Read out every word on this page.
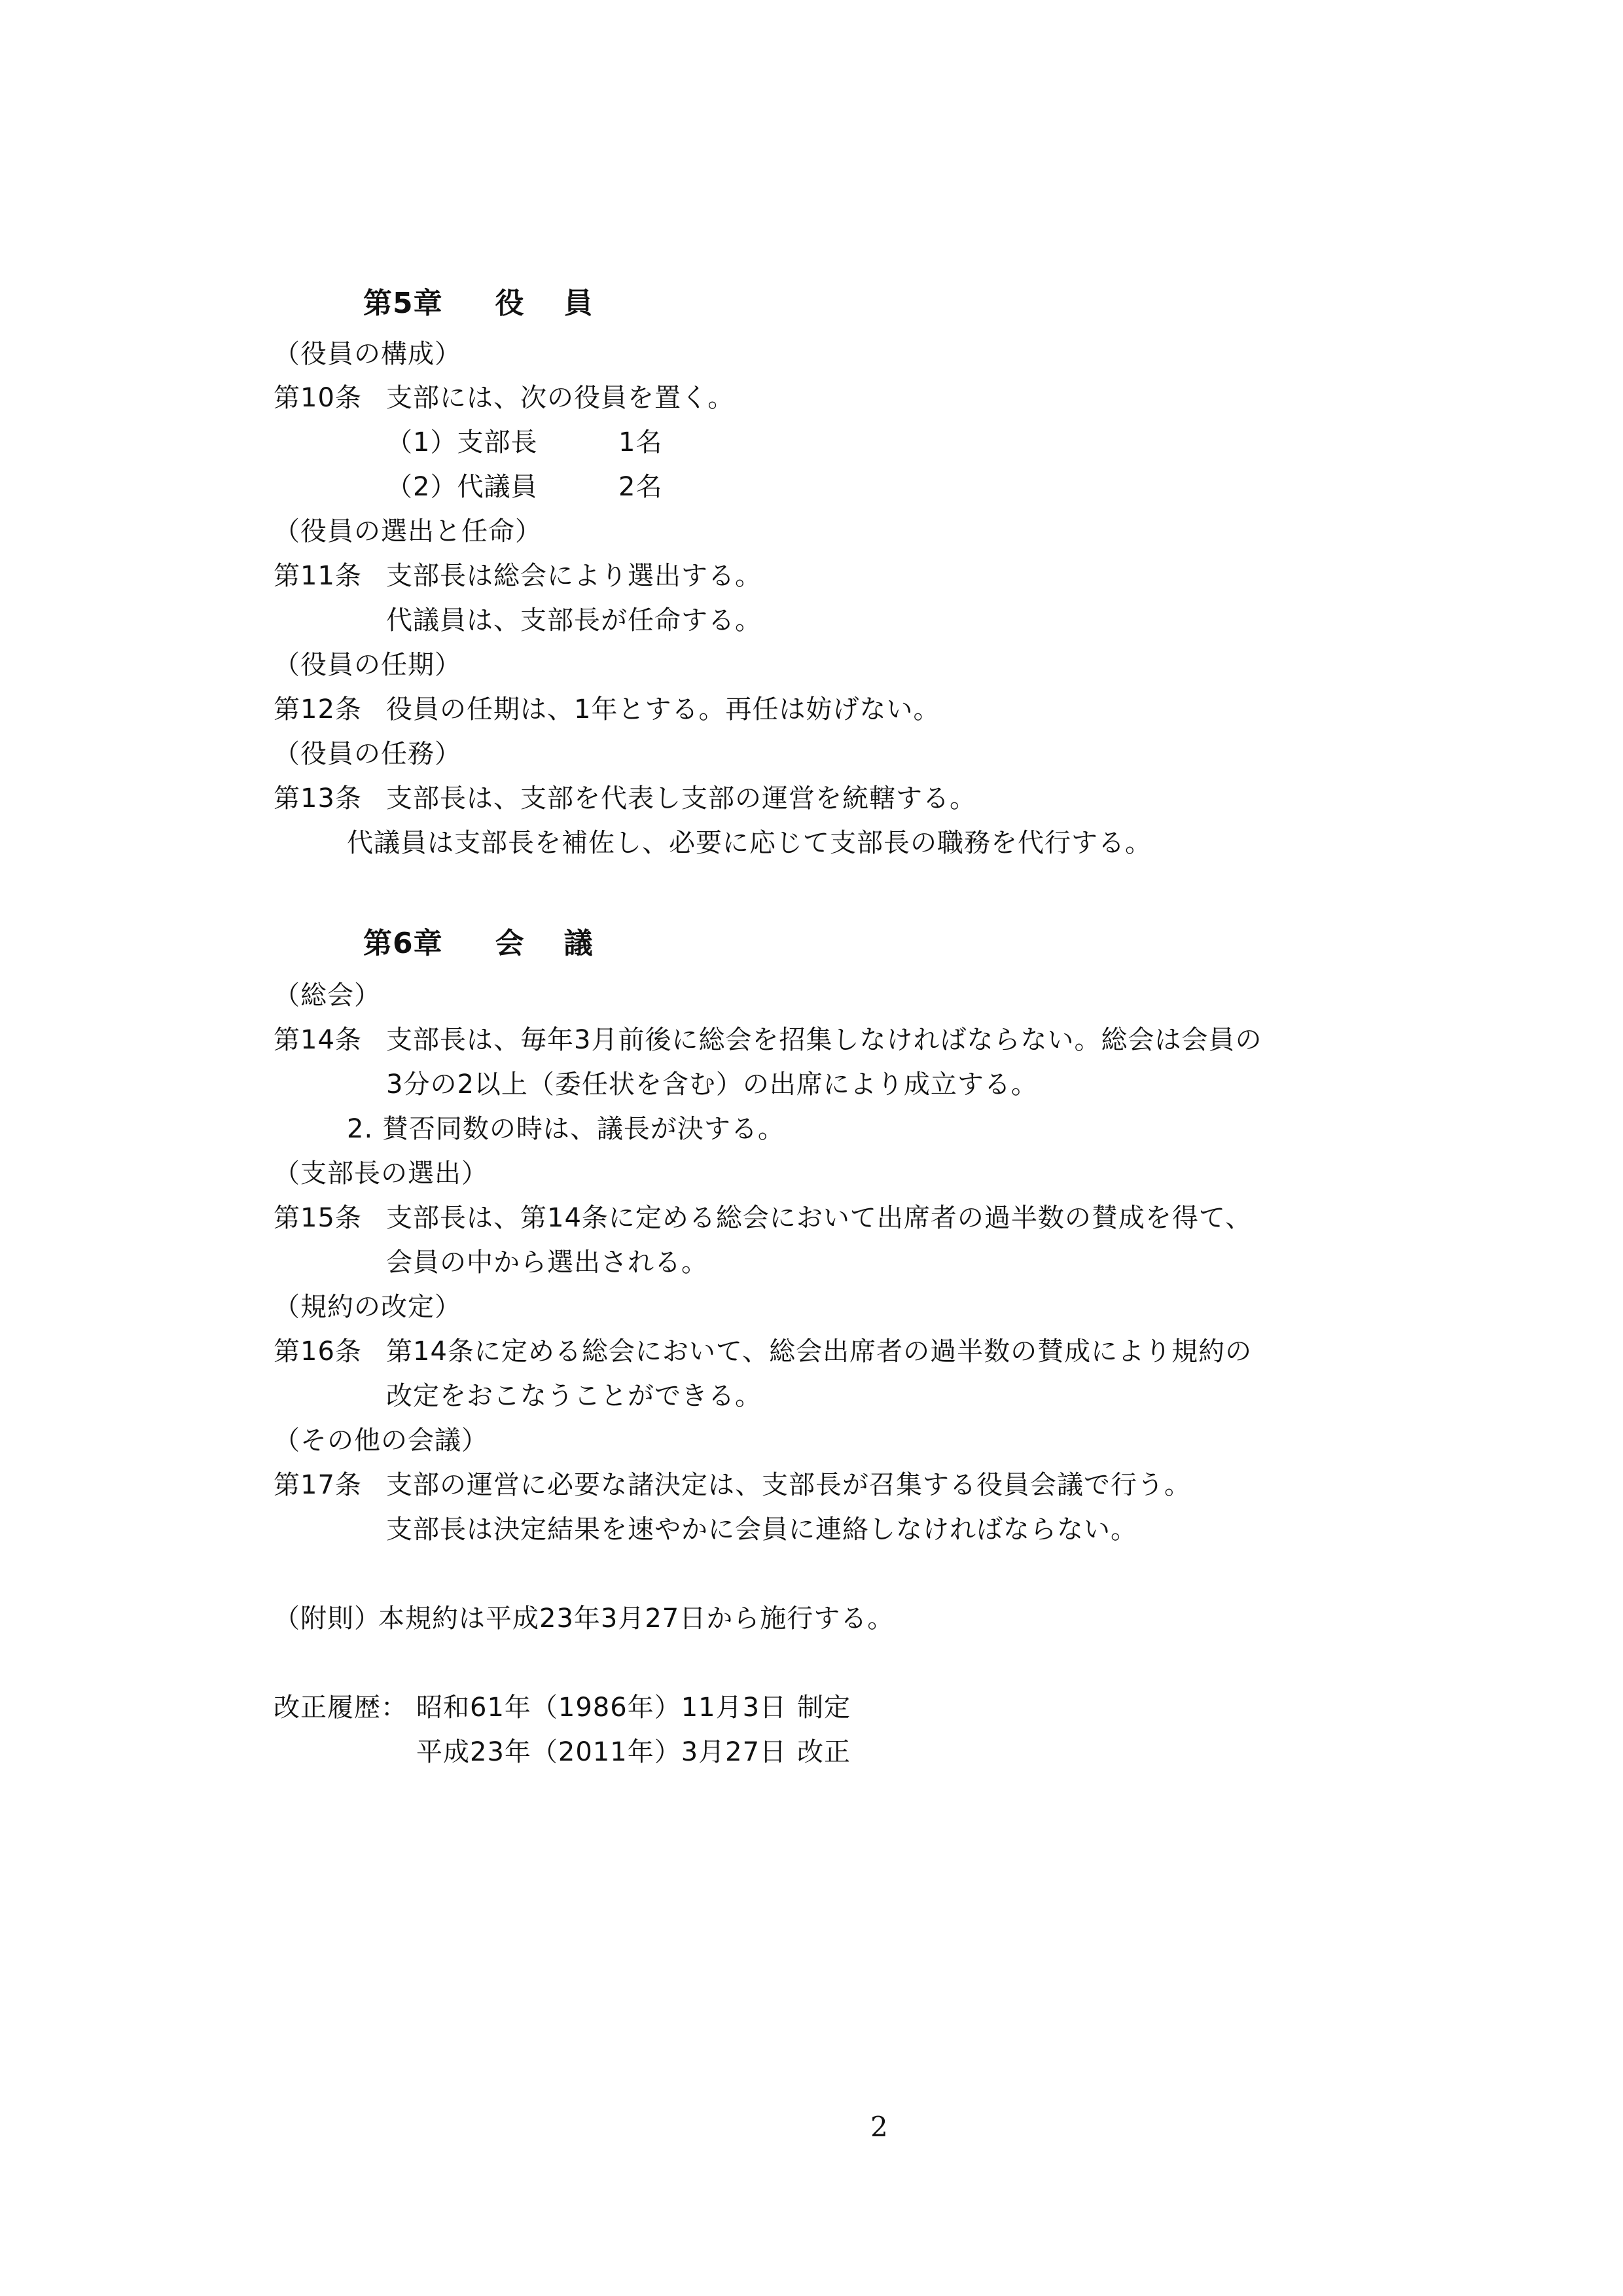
第5章 役 員
（役員の構成）
第10条 支部には、次の役員を置く。
（1）支部長	1名
（2）代議員	2名
（役員の選出と任命）
第11条 支部長は総会により選出する。
代議員は、支部長が任命する。
（役員の任期）
第12条 役員の任期は、1年とする。再任は妨げない。
（役員の任務）
第13条 支部長は、支部を代表し支部の運営を統轄する。
代議員は支部長を補佐し、必要に応じて支部長の職務を代行する。
第6章 会 議
（総会）
第14条 支部長は、毎年3月前後に総会を招集しなければならない。総会は会員の
3分の2以上（委任状を含む）の出席により成立する。
2. 賛否同数の時は、議長が決する。
（支部長の選出）
第15条 支部長は、第14条に定める総会において出席者の過半数の賛成を得て、
会員の中から選出される。
（規約の改定）
第16条 第14条に定める総会において、総会出席者の過半数の賛成により規約の
改定をおこなうことができる。
（その他の会議）
第17条 支部の運営に必要な諸決定は、支部長が召集する役員会議で行う。
支部長は決定結果を速やかに会員に連絡しなければならない。
（附則）
本規約は平成23年3月27日から施行する。
改正履歴： 昭和61年（1986年）11月3日 制定
平成23年（2011年）3月27日 改正
2
